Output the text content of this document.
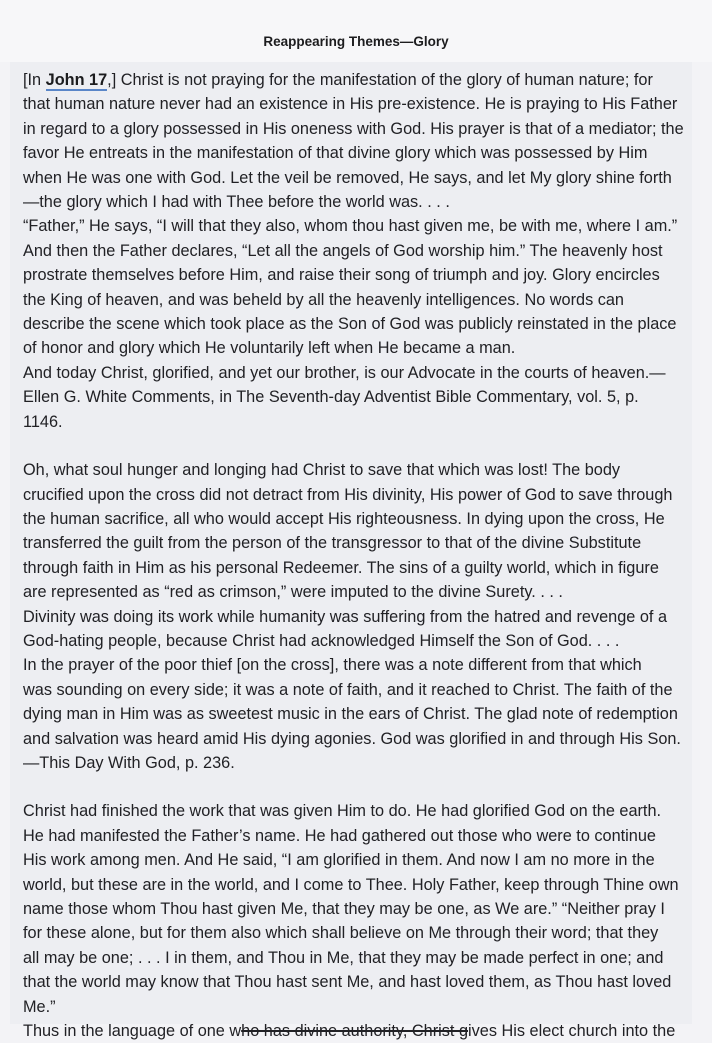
Reappearing Themes—Glory
[In John 17,] Christ is not praying for the manifestation of the glory of human nature; for
that human nature never had an existence in His pre-existence. He is praying to His Father
in regard to a glory possessed in His oneness with God. His prayer is that of a mediator; the
favor He entreats in the manifestation of that divine glory which was possessed by Him
when He was one with God. Let the veil be removed, He says, and let My glory shine forth
—the glory which I had with Thee before the world was. . . .
“Father,” He says, “I will that they also, whom thou hast given me, be with me, where I am.”
And then the Father declares, “Let all the angels of God worship him.” The heavenly host
prostrate themselves before Him, and raise their song of triumph and joy. Glory encircles
the King of heaven, and was beheld by all the heavenly intelligences. No words can
describe the scene which took place as the Son of God was publicly reinstated in the place
of honor and glory which He voluntarily left when He became a man.
And today Christ, glorified, and yet our brother, is our Advocate in the courts of heaven.—
Ellen G. White Comments, in The Seventh-day Adventist Bible Commentary, vol. 5, p.
1146.
Oh, what soul hunger and longing had Christ to save that which was lost! The body
crucified upon the cross did not detract from His divinity, His power of God to save through
the human sacrifice, all who would accept His righteousness. In dying upon the cross, He
transferred the guilt from the person of the transgressor to that of the divine Substitute
through faith in Him as his personal Redeemer. The sins of a guilty world, which in figure
are represented as “red as crimson,” were imputed to the divine Surety. . . .
Divinity was doing its work while humanity was suffering from the hatred and revenge of a
God-hating people, because Christ had acknowledged Himself the Son of God. . . .
In the prayer of the poor thief [on the cross], there was a note different from that which
was sounding on every side; it was a note of faith, and it reached to Christ. The faith of the
dying man in Him was as sweetest music in the ears of Christ. The glad note of redemption
and salvation was heard amid His dying agonies. God was glorified in and through His Son.
—This Day With God, p. 236.
Christ had finished the work that was given Him to do. He had glorified God on the earth.
He had manifested the Father’s name. He had gathered out those who were to continue
His work among men. And He said, “I am glorified in them. And now I am no more in the
world, but these are in the world, and I come to Thee. Holy Father, keep through Thine own
name those whom Thou hast given Me, that they may be one, as We are.” “Neither pray I
for these alone, but for them also which shall believe on Me through their word; that they
all may be one; . . . I in them, and Thou in Me, that they may be made perfect in one; and
that the world may know that Thou hast sent Me, and hast loved them, as Thou hast loved
Me.”
Thus in the language of one who has divine authority, Christ gives His elect church into the
